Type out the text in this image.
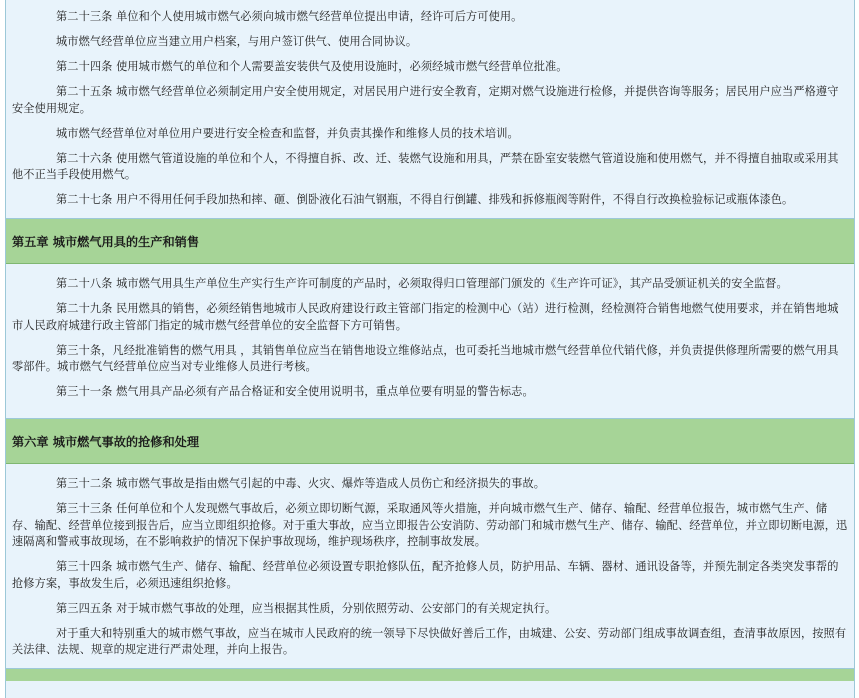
第二十三条 单位和个人使用城市燃气必须向城市燃气经营单位提出申请，经许可后方可使用。

城市燃气经营单位应当建立用户档案，与用户签订供气、使用合同协议。

第二十四条 使用城市燃气的单位和个人需要盖安装供气及使用设施时，必须经城市燃气经营单位批准。

第二十五条 城市燃气经营单位必须制定用户安全使用规定，对居民用户进行安全教育，定期对燃气设施进行检修，并提供咨询等服务；居民用户应当严格遵守安全使用规定。

城市燃气经营单位对单位用户要进行安全检查和监督，并负责其操作和维修人员的技术培训。

第二十六条 使用燃气管道设施的单位和个人，不得擅自拆、改、迁、装燃气设施和用具，严禁在卧室安装燃气管道设施和使用燃气，并不得擅自抽取或采用其他不正当手段使用燃气。

第二十七条 用户不得用任何手段加热和摔、砸、倒卧液化石油气钢瓶，不得自行倒罐、排残和拆修瓶阀等附件，不得自行改换检验标记或瓶体漆色。

第五章 城市燃气用具的生产和销售

第二十八条 城市燃气用具生产单位生产实行生产许可制度的产品时，必须取得归口管理部门颁发的《生产许可证》，其产品受颁证机关的安全监督。

第二十九条 民用燃具的销售，必须经销售地城市人民政府建设行政主管部门指定的检测中心（站）进行检测，经检测符合销售地燃气使用要求，并在销售地城市人民政府城建行政主管部门指定的城市燃气经营单位的安全监督下方可销售。

第三十条，凡经批准销售的燃气用具 ，其销售单位应当在销售地设立维修站点，也可委托当地城市燃气经营单位代销代修，并负责提供修理所需要的燃气用具零部件。城市燃气气经营单位应当对专业维修人员进行考核。

第三十一条 燃气用具产品必须有产品合格证和安全使用说明书，重点单位要有明显的警告标志。

第六章 城市燃气事故的抢修和处理

第三十二条 城市燃气事故是指由燃气引起的中毒、火灾、爆炸等造成人员伤亡和经济损失的事故。

第三十三条 任何单位和个人发现燃气事故后，必须立即切断气源，采取通风等火措施，并向城市燃气生产、储存、输配、经营单位报告，城市燃气生产、储存、输配、经营单位接到报告后，应当立即组织抢修。对于重大事故，应当立即报告公安消防、劳动部门和城市燃气生产、储存、输配、经营单位，并立即切断电源，迅速隔离和警戒事故现场，在不影响救护的情况下保护事故现场，维护现场秩序，控制事故发展。

第三十四条 城市燃气生产、储存、输配、经营单位必须设置专职抢修队伍，配齐抢修人员，防护用品、车辆、器材、通讯设备等，并预先制定各类突发事帮的抢修方案，事故发生后，必须迅速组织抢修。

第三四五条 对于城市燃气事故的处理，应当根据其性质，分别依照劳动、公安部门的有关规定执行。

对于重大和特别重大的城市燃气事故，应当在城市人民政府的统一领导下尽快做好善后工作，由城建、公安、劳动部门组成事故调查组，查清事故原因，按照有关法律、法规、规章的规定进行严肃处理，并向上报告。
